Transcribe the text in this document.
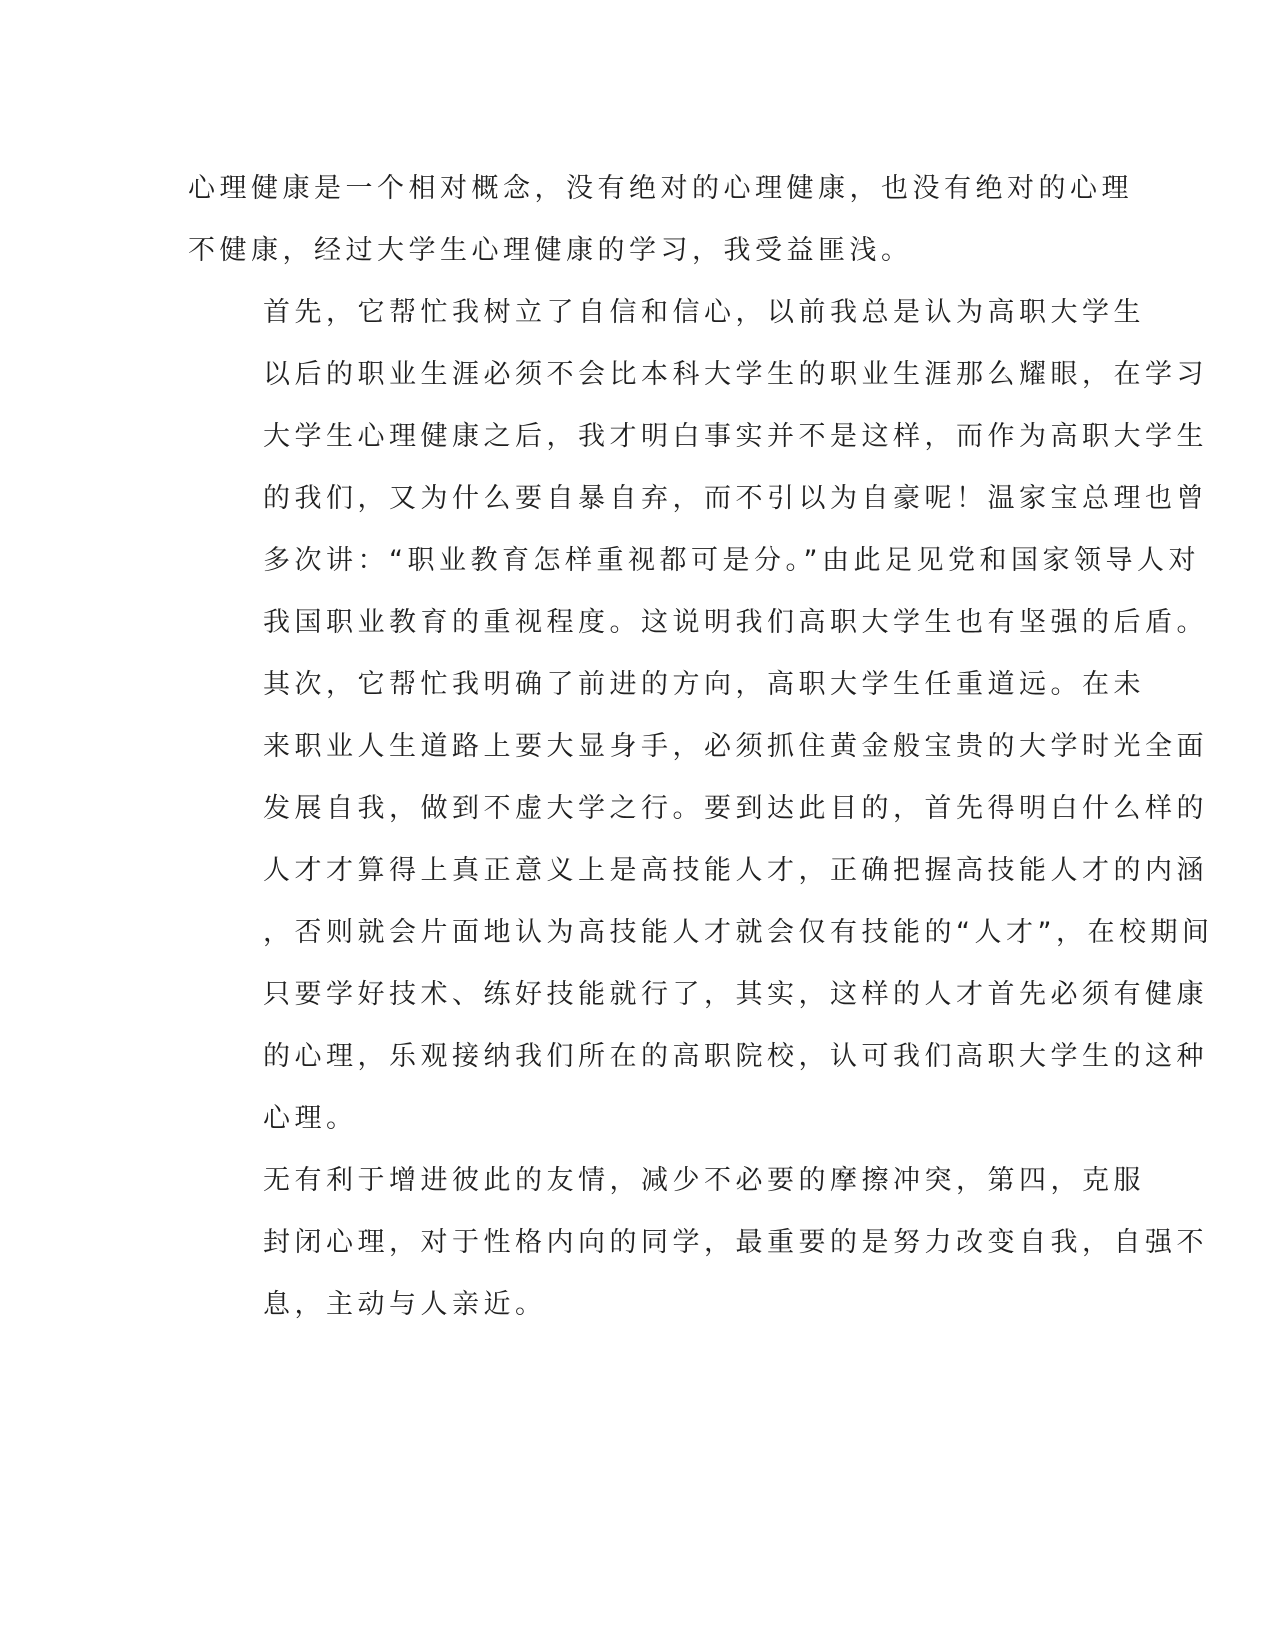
心理健康是一个相对概念，没有绝对的心理健康，也没有绝对的心理
不健康，经过大学生心理健康的学习，我受益匪浅。

首先，它帮忙我树立了自信和信心，以前我总是认为高职大学生
以后的职业生涯必须不会比本科大学生的职业生涯那么耀眼，在学习
大学生心理健康之后，我才明白事实并不是这样，而作为高职大学生
的我们，又为什么要自暴自弃，而不引以为自豪呢！温家宝总理也曾
多次讲：“职业教育怎样重视都可是分。”由此足见党和国家领导人对
我国职业教育的重视程度。这说明我们高职大学生也有坚强的后盾。

其次，它帮忙我明确了前进的方向，高职大学生任重道远。在未
来职业人生道路上要大显身手，必须抓住黄金般宝贵的大学时光全面
发展自我，做到不虚大学之行。要到达此目的，首先得明白什么样的
人才才算得上真正意义上是高技能人才，正确把握高技能人才的内涵
，否则就会片面地认为高技能人才就会仅有技能的“人才”，在校期间
只要学好技术、练好技能就行了，其实，这样的人才首先必须有健康
的心理，乐观接纳我们所在的高职院校，认可我们高职大学生的这种
心理。

无有利于增进彼此的友情，减少不必要的摩擦冲突，第四，克服
封闭心理，对于性格内向的同学，最重要的是努力改变自我，自强不
息，主动与人亲近。
